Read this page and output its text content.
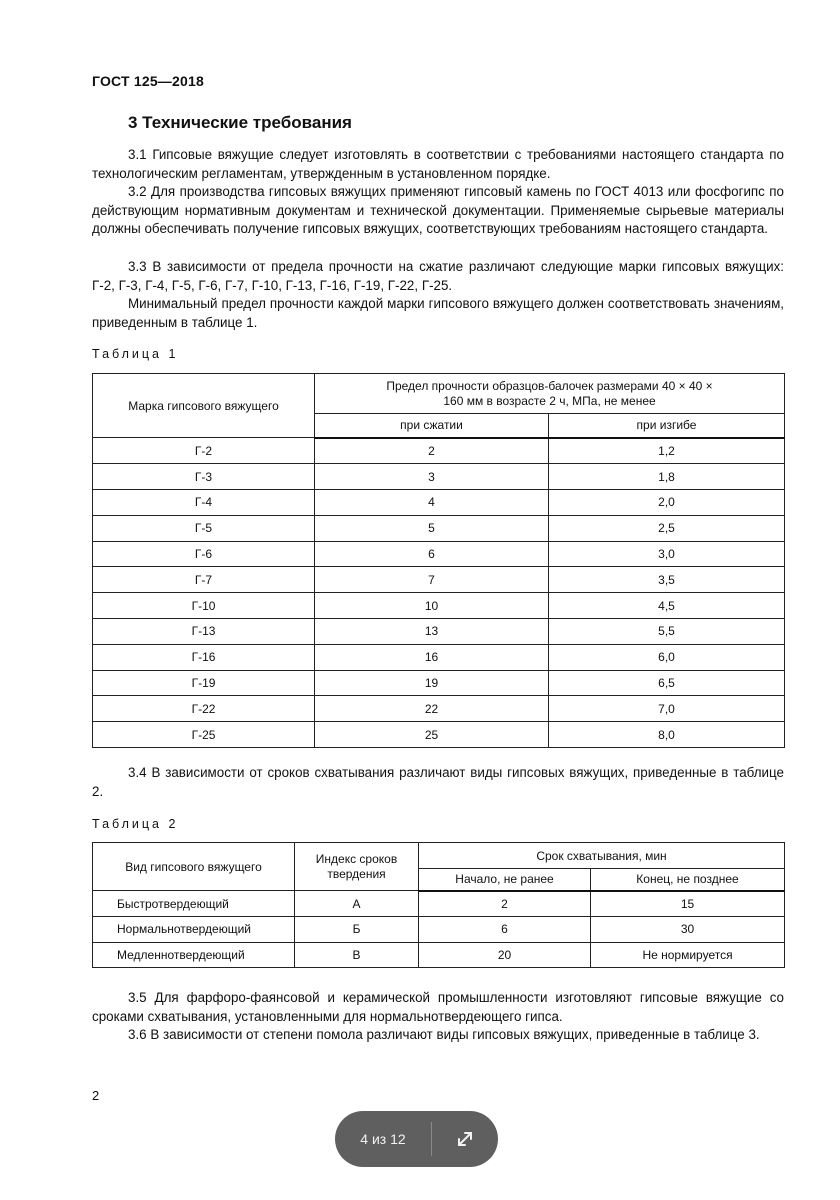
ГОСТ 125—2018
3 Технические требования

3.1 Гипсовые вяжущие следует изготовлять в соответствии с требованиями настоящего стандарта по технологическим регламентам, утвержденным в установленном порядке.

3.2 Для производства гипсовых вяжущих применяют гипсовый камень по ГОСТ 4013 или фосфогипс по действующим нормативным документам и технической документации. Применяемые сырьевые материалы должны обеспечивать получение гипсовых вяжущих, соответствующих требованиям настоящего стандарта.

3.3 В зависимости от предела прочности на сжатие различают следующие марки гипсовых вяжущих: Г-2, Г-3, Г-4, Г-5, Г-6, Г-7, Г-10, Г-13, Г-16, Г-19, Г-22, Г-25.

Минимальный предел прочности каждой марки гипсового вяжущего должен соответствовать значениям, приведенным в таблице 1.

Таблица 1
Марка гипсового вяжущего	Предел прочности образцов-балочек размерами 40 × 40 × 160 мм в возрасте 2 ч, МПа, не менее	
	при сжатии	при изгибе
Г-2	2	1,2
Г-3	3	1,8
Г-4	4	2,0
Г-5	5	2,5
Г-6	6	3,0
Г-7	7	3,5
Г-10	10	4,5
Г-13	13	5,5
Г-16	16	6,0
Г-19	19	6,5
Г-22	22	7,0
Г-25	25	8,0

3.4 В зависимости от сроков схватывания различают виды гипсовых вяжущих, приведенные в таблице 2.

Таблица 2
Вид гипсового вяжущего	Индекс сроков твердения	Срок схватывания, мин	
		Начало, не ранее	Конец, не позднее
Быстротвердеющий	А	2	15
Нормальнотвердеющий	Б	6	30
Медленнотвердеющий	В	20	Не нормируется

3.5 Для фарфоро-фаянсовой и керамической промышленности изготовляют гипсовые вяжущие со сроками схватывания, установленными для нормальнотвердеющего гипса.

3.6 В зависимости от степени помола различают виды гипсовых вяжущих, приведенные в таблице 3.

2
4 из 12
